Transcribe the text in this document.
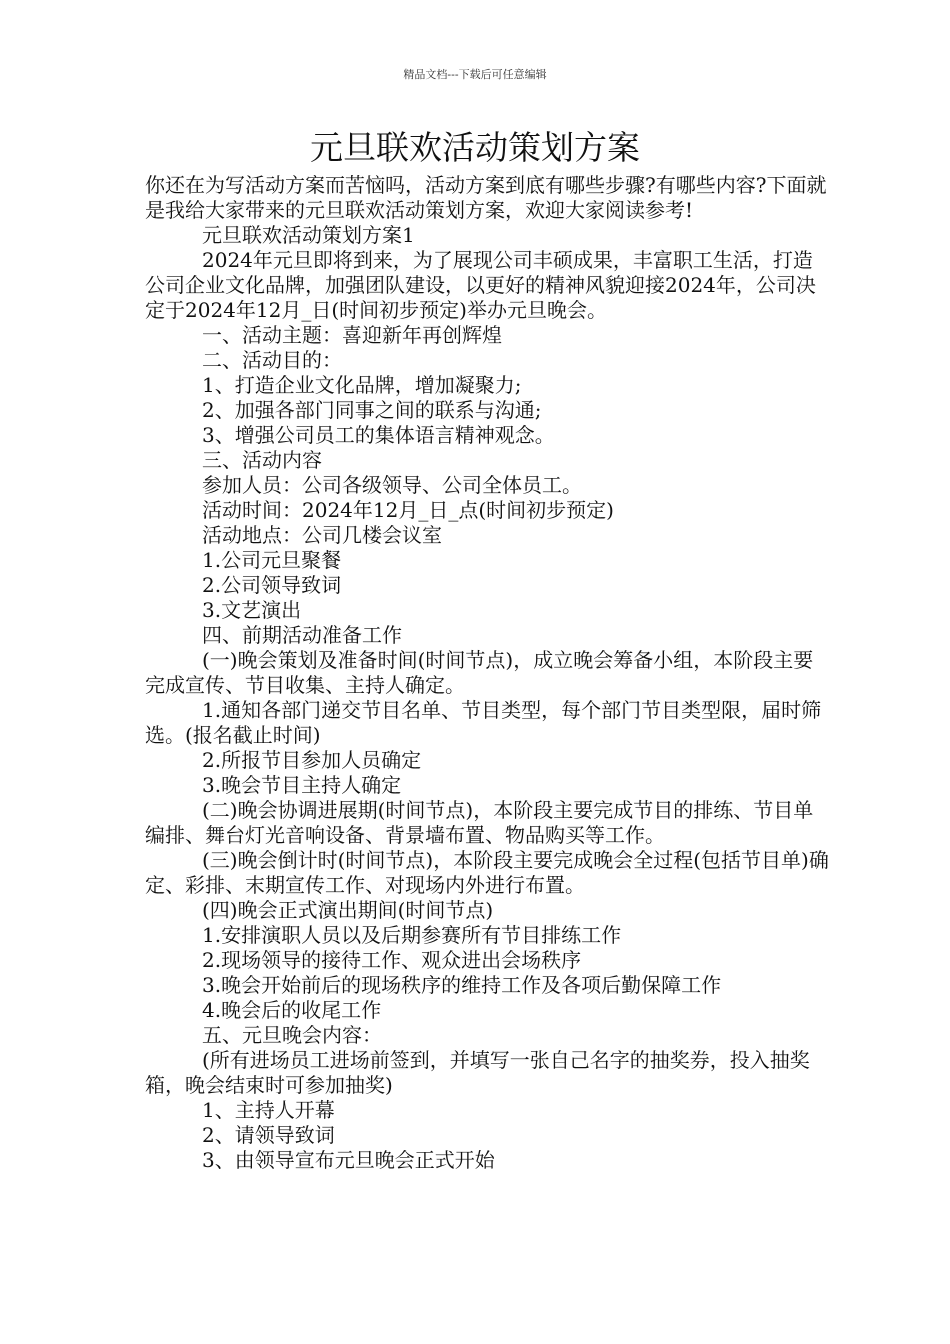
精品文档---下载后可任意编辑
元旦联欢活动策划方案

你还在为写活动方案而苦恼吗，活动方案到底有哪些步骤?有哪些内容?下面就是我给大家带来的元旦联欢活动策划方案，欢迎大家阅读参考!

元旦联欢活动策划方案1

2024年元旦即将到来，为了展现公司丰硕成果，丰富职工生活，打造公司企业文化品牌，加强团队建设，以更好的精神风貌迎接2024年，公司决定于2024年12月_日(时间初步预定)举办元旦晚会。

一、活动主题：喜迎新年再创辉煌

二、活动目的：

1、打造企业文化品牌，增加凝聚力;

2、加强各部门同事之间的联系与沟通;

3、增强公司员工的集体语言精神观念。

三、活动内容

参加人员：公司各级领导、公司全体员工。

活动时间：2024年12月_日_点(时间初步预定)

活动地点：公司几楼会议室

1.公司元旦聚餐

2.公司领导致词

3.文艺演出

四、前期活动准备工作

(一)晚会策划及准备时间(时间节点)，成立晚会筹备小组，本阶段主要完成宣传、节目收集、主持人确定。

1.通知各部门递交节目名单、节目类型，每个部门节目类型限，届时筛选。(报名截止时间)

2.所报节目参加人员确定

3.晚会节目主持人确定

(二)晚会协调进展期(时间节点)，本阶段主要完成节目的排练、节目单编排、舞台灯光音响设备、背景墙布置、物品购买等工作。

(三)晚会倒计时(时间节点)，本阶段主要完成晚会全过程(包括节目单)确定、彩排、末期宣传工作、对现场内外进行布置。

(四)晚会正式演出期间(时间节点)

1.安排演职人员以及后期参赛所有节目排练工作

2.现场领导的接待工作、观众进出会场秩序

3.晚会开始前后的现场秩序的维持工作及各项后勤保障工作

4.晚会后的收尾工作

五、元旦晚会内容：

(所有进场员工进场前签到，并填写一张自己名字的抽奖券，投入抽奖箱，晚会结束时可参加抽奖)

1、主持人开幕

2、请领导致词

3、由领导宣布元旦晚会正式开始
